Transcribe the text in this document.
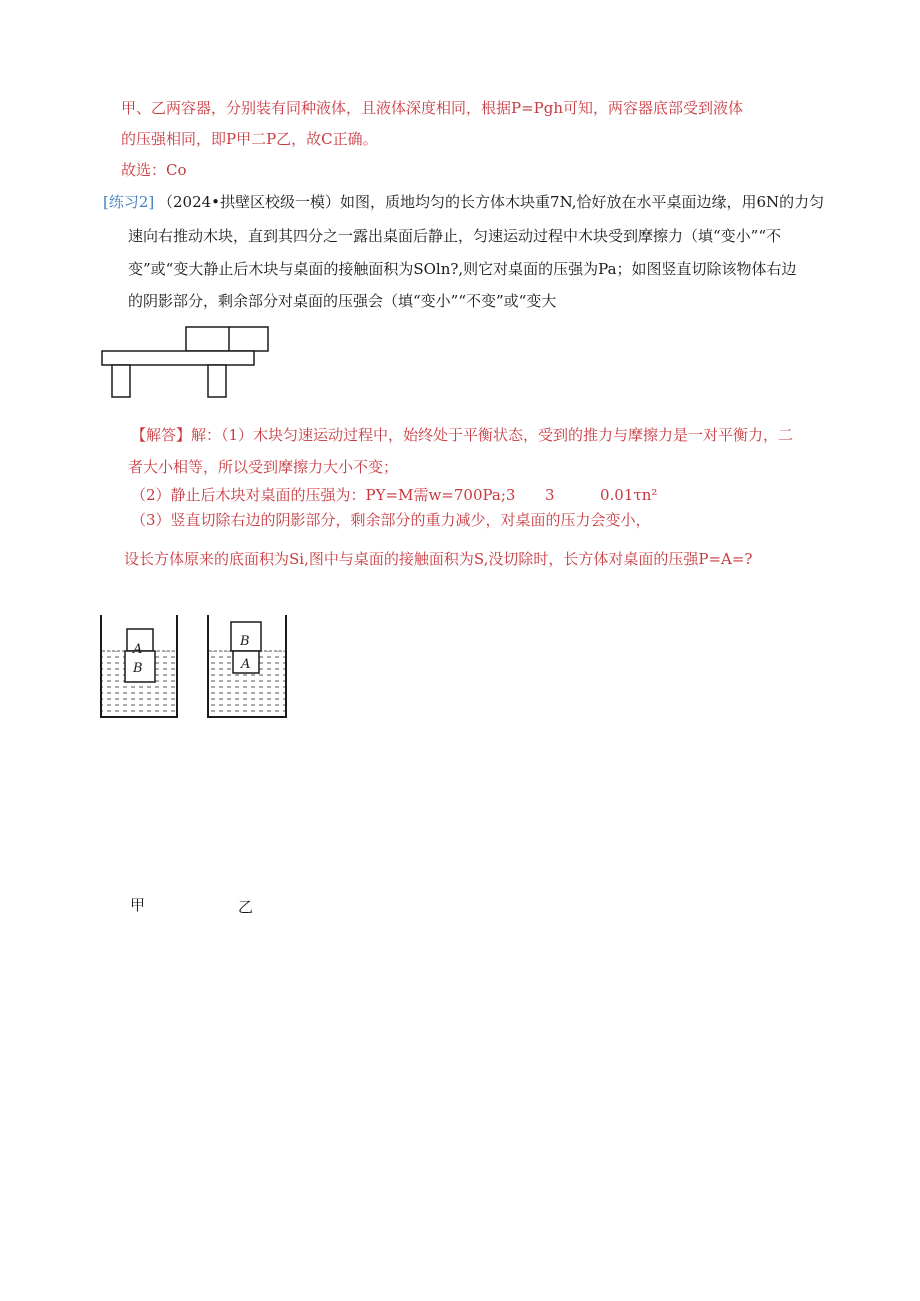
甲、乙两容器，分别装有同种液体，且液体深度相同，根据P=Pgh可知，两容器底部受到液体
的压强相同，即P甲二P乙，故C正确。
故选：Co
[练习2] （2024•拱壁区校级一模）如图，质地均匀的长方体木块重7N,恰好放在水平桌面边缘，用6N的力匀
速向右推动木块，直到其四分之一露出桌面后静止，匀速运动过程中木块受到摩擦力（填“变小”“不
变”或“变大静止后木块与桌面的接触面积为SOln?,则它对桌面的压强为Pa；如图竖直切除该物体右边
的阴影部分，剩余部分对桌面的压强会（填“变小”“不变”或“变大
【解答】解：（1）木块匀速运动过程中，始终处于平衡状态，受到的推力与摩擦力是一对平衡力，二
者大小相等，所以受到摩擦力大小不变；
（2）静止后木块对桌面的压强为：PY=M需w=700Pa;3 3	0.01τn²
（3）竖直切除右边的阴影部分，剩余部分的重力减少，对桌面的压力会变小，
设长方体原来的底面积为Si,图中与桌面的接触面积为S,没切除时，长方体对桌面的压强P=A=?
A
B
B
A
甲	乙
